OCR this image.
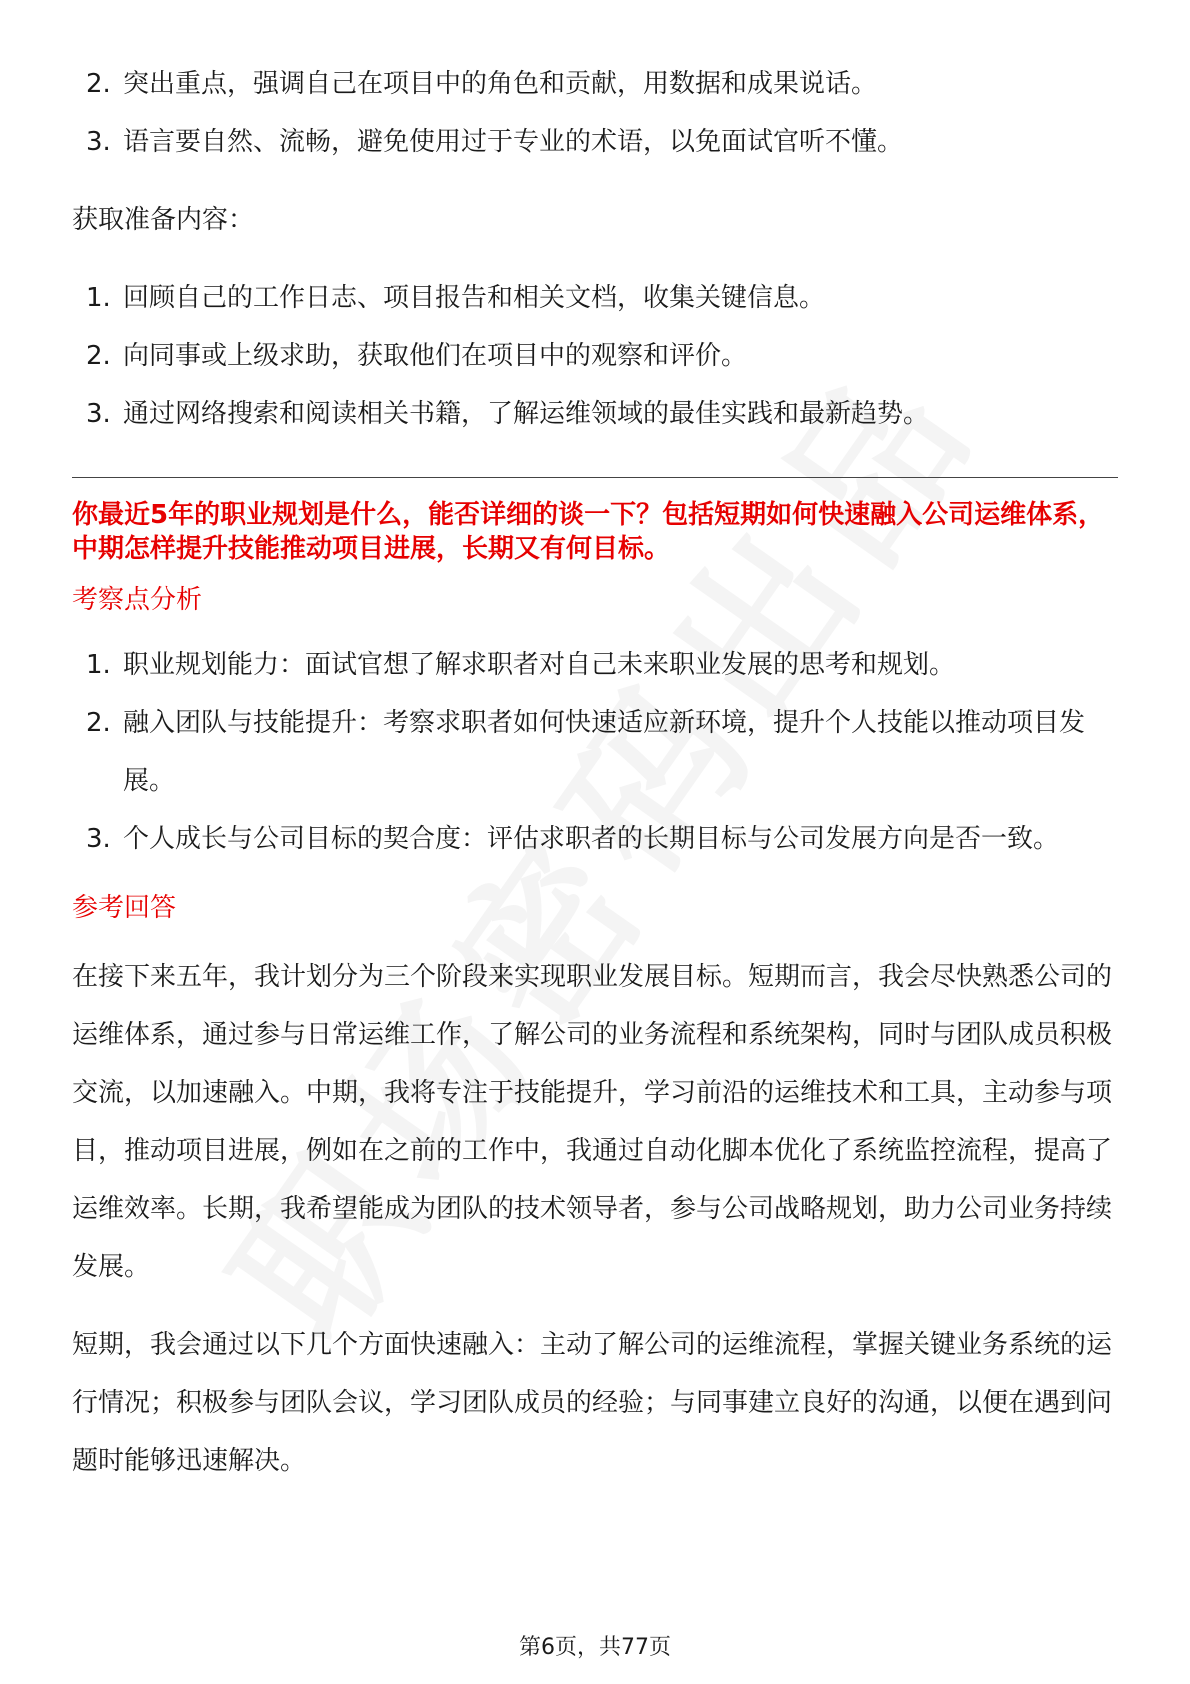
2. 突出重点，强调自己在项目中的角色和贡献，用数据和成果说话。
3. 语言要自然、流畅，避免使用过于专业的术语，以免面试官听不懂。

获取准备内容：

1. 回顾自己的工作日志、项目报告和相关文档，收集关键信息。
2. 向同事或上级求助，获取他们在项目中的观察和评价。
3. 通过网络搜索和阅读相关书籍，了解运维领域的最佳实践和最新趋势。

你最近5年的职业规划是什么，能否详细的谈一下？包括短期如何快速融入公司运维体系，中期怎样提升技能推动项目进展，长期又有何目标。

考察点分析

1. 职业规划能力：面试官想了解求职者对自己未来职业发展的思考和规划。
2. 融入团队与技能提升：考察求职者如何快速适应新环境，提升个人技能以推动项目发展。
3. 个人成长与公司目标的契合度：评估求职者的长期目标与公司发展方向是否一致。

参考回答

在接下来五年，我计划分为三个阶段来实现职业发展目标。短期而言，我会尽快熟悉公司的运维体系，通过参与日常运维工作，了解公司的业务流程和系统架构，同时与团队成员积极交流，以加速融入。中期，我将专注于技能提升，学习前沿的运维技术和工具，主动参与项目，推动项目进展，例如在之前的工作中，我通过自动化脚本优化了系统监控流程，提高了运维效率。长期，我希望能成为团队的技术领导者，参与公司战略规划，助力公司业务持续发展。

短期，我会通过以下几个方面快速融入：主动了解公司的运维流程，掌握关键业务系统的运行情况；积极参与团队会议，学习团队成员的经验；与同事建立良好的沟通，以便在遇到问题时能够迅速解决。

第6页，共77页
